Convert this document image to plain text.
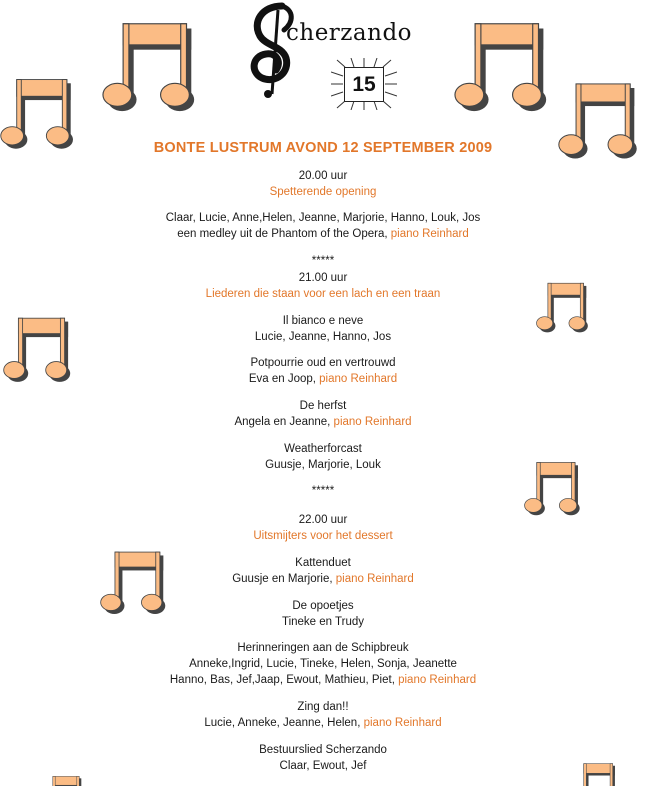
cherzando
15
BONTE LUSTRUM AVOND 12 SEPTEMBER 2009
20.00 uur
Spetterende opening
Claar, Lucie, Anne,Helen, Jeanne, Marjorie, Hanno, Louk, Jos
een medley uit de Phantom of the Opera, piano Reinhard
*****
21.00 uur
Liederen die staan voor een lach en een traan
Il bianco e neve
Lucie, Jeanne, Hanno, Jos
Potpourrie oud en vertrouwd
Eva en Joop, piano Reinhard
De herfst
Angela en Jeanne, piano Reinhard
Weatherforcast
Guusje, Marjorie, Louk
*****
22.00 uur
Uitsmijters voor het dessert
Kattenduet
Guusje en Marjorie, piano Reinhard
De opoetjes
Tineke en Trudy
Herinneringen aan de Schipbreuk
Anneke,Ingrid, Lucie, Tineke, Helen, Sonja, Jeanette
Hanno, Bas, Jef,Jaap, Ewout, Mathieu, Piet, piano Reinhard
Zing dan!!
Lucie, Anneke, Jeanne, Helen, piano Reinhard
Bestuurslied Scherzando
Claar, Ewout, Jef
